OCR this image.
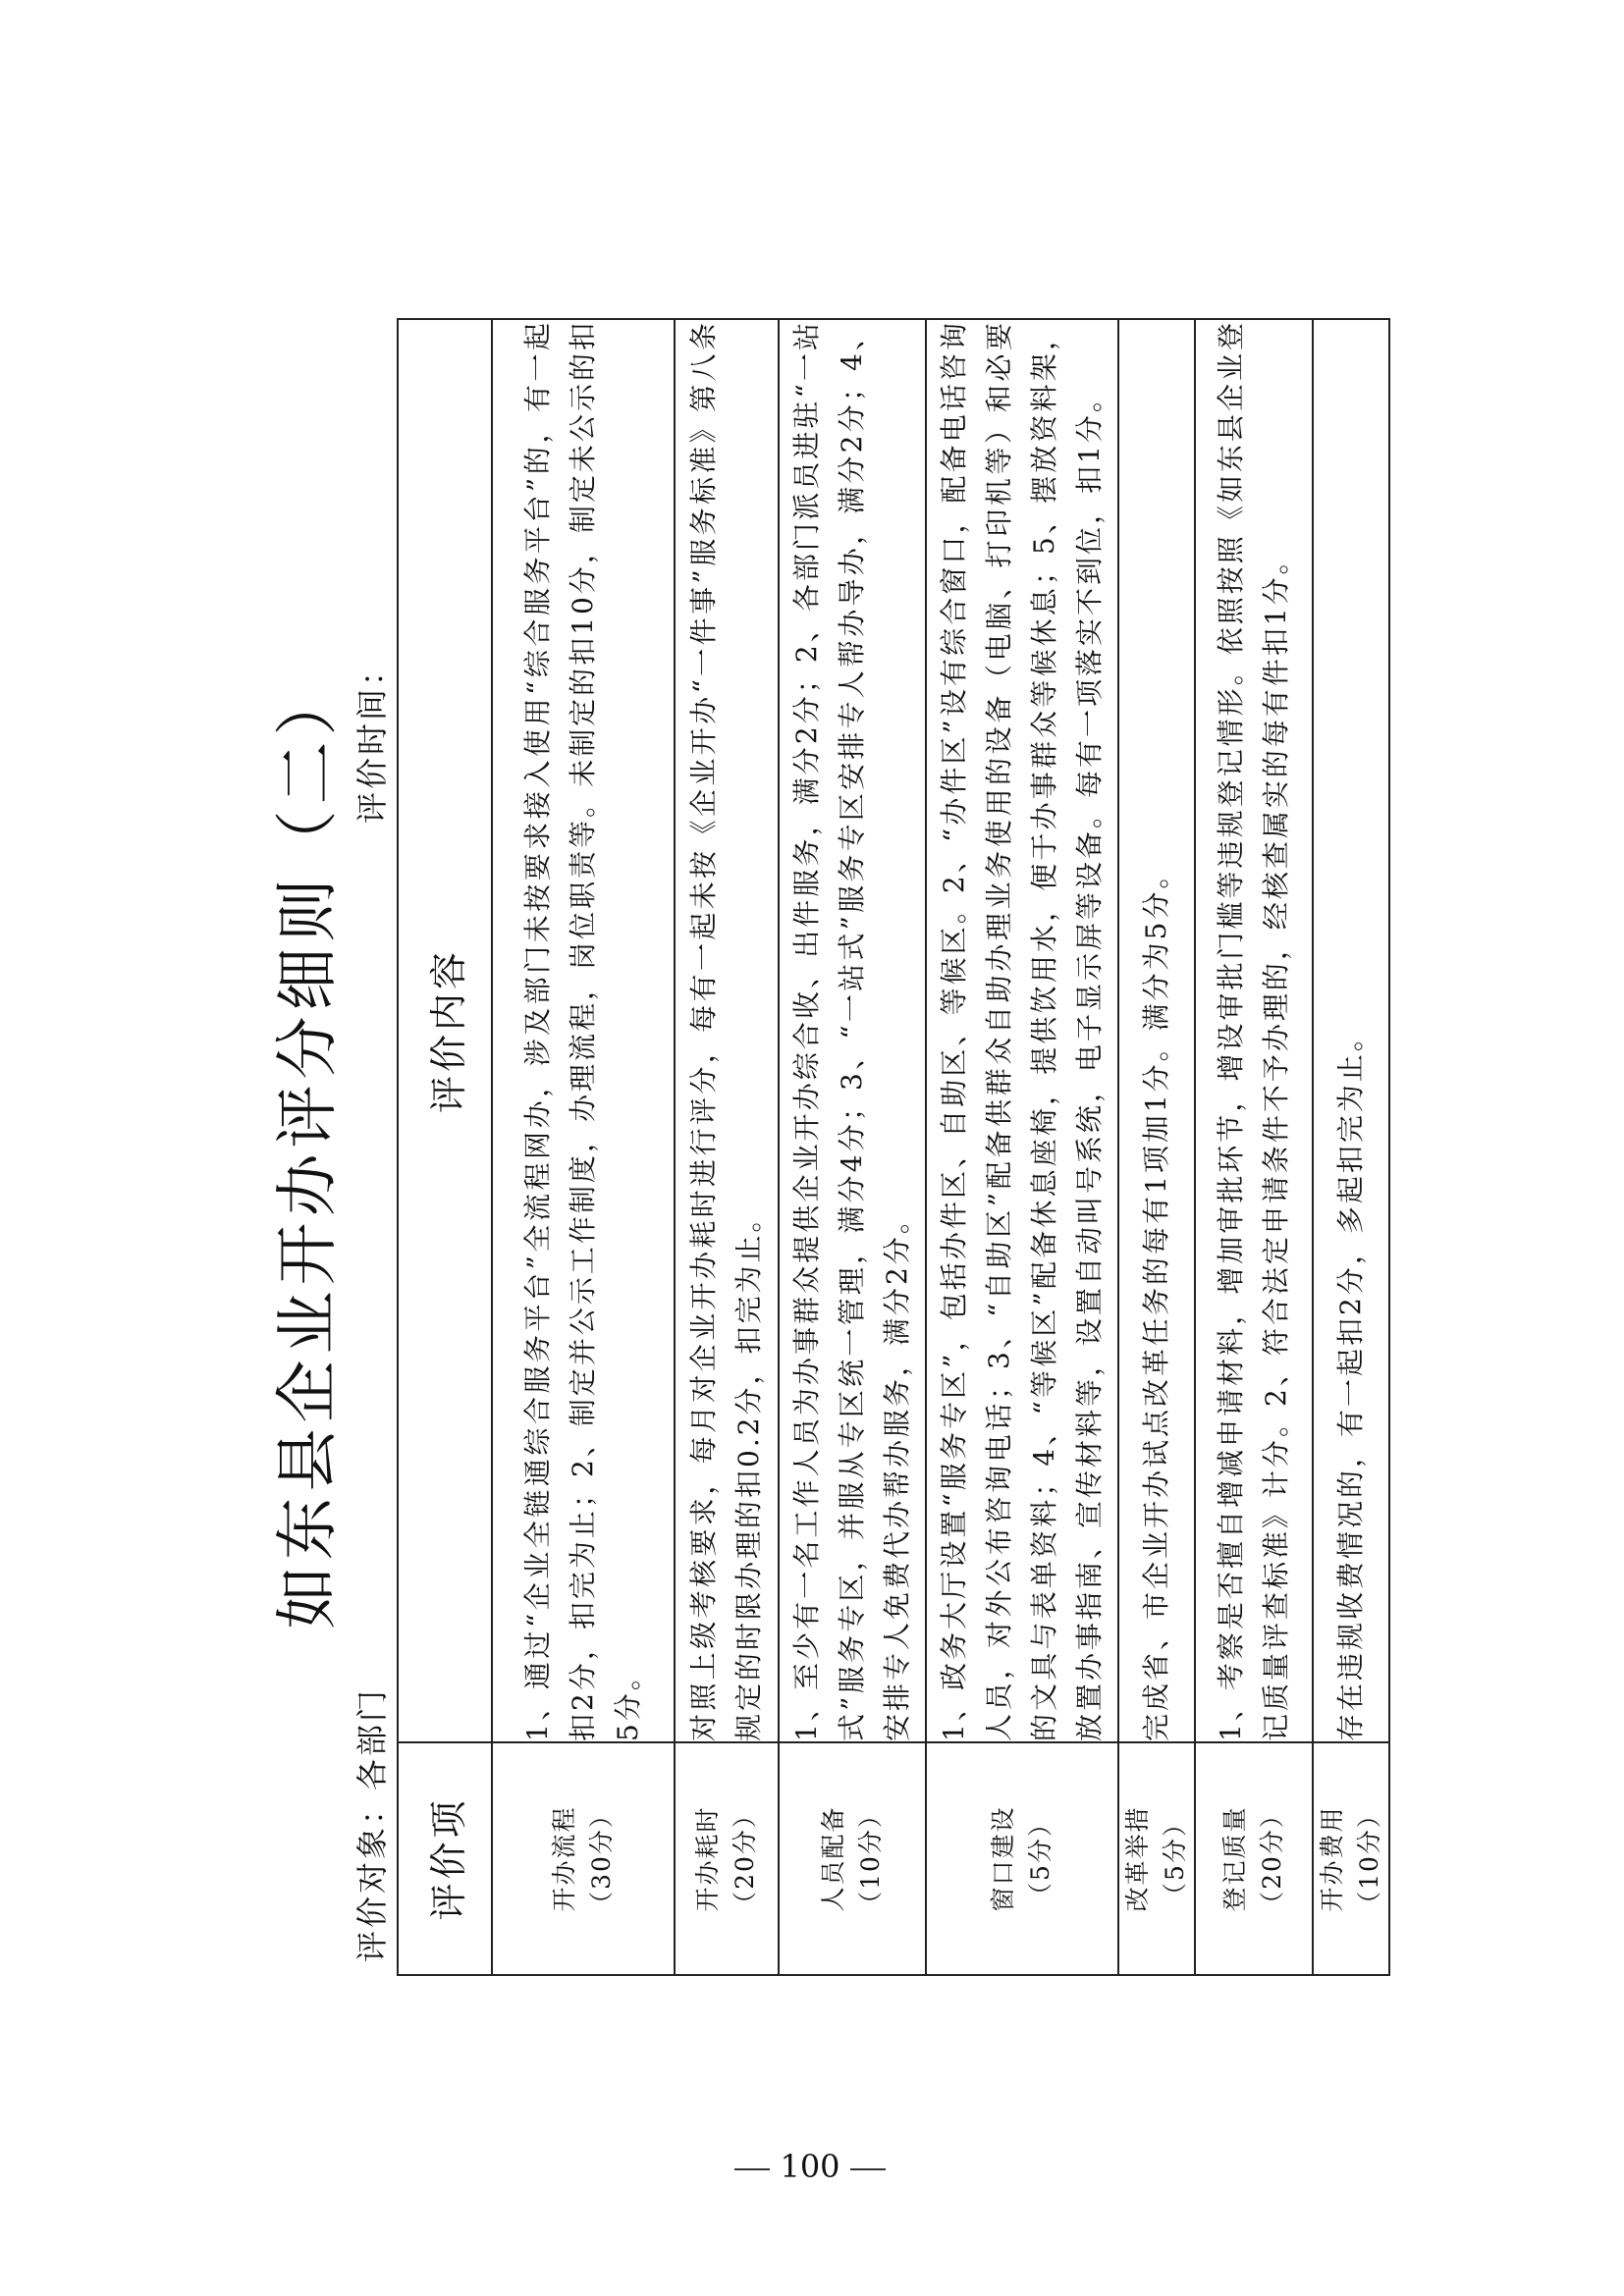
如东县企业开办评分细则（二）
评价对象：各部门
评价时间：
评价项	评价内容

开办流程 （30分）	1、通过“企业全链通综合服务平台”全流程网办，涉及部门未按要求接入使用“综合服务平台”的，有一起扣2分，扣完为止；2、制定并公示工作制度，办理流程，岗位职责等。未制定的扣10分，制定未公示的扣5分。

开办耗时 （20分）	对照上级考核要求，每月对企业开办耗时进行评分，每有一起未按《企业开办“一件事”服务标准》第八条规定的时限办理的扣0.2分，扣完为止。

人员配备 （10分）	1、至少有一名工作人员为办事群众提供企业开办综合收、出件服务，满分2分；2、各部门派员进驻“一站式”服务专区，并服从专区统一管理，满分4分；3、“一站式”服务专区安排专人帮办导办，满分2分；4、安排专人免费代办帮办服务，满分2分。

窗口建设 （5分）	1、政务大厅设置“服务专区”，包括办件区、自助区、等候区。2、“办件区”设有综合窗口，配备电话咨询人员，对外公布咨询电话；3、“自助区”配备供群众自助办理业务使用的设备（电脑、打印机等）和必要的文具与表单资料；4、“等候区”配备休息座椅，提供饮用水，便于办事群众等候休息；5、摆放资料架，放置办事指南、宣传材料等，设置自动叫号系统，电子显示屏等设备。每有一项落实不到位，扣1分。

改革举措 （5分）	完成省、市企业开办试点改革任务的每有1项加1分。满分为5分。

登记质量 （20分）	1、考察是否擅自增减申请材料，增加审批环节，增设审批门槛等违规登记情形。依照按照《如东县企业登记质量评查标准》计分。2、符合法定申请条件不予办理的，经核查属实的每有件扣1分。

开办费用 （10分）	存在违规收费情况的，有一起扣2分，多起扣完为止。
100
